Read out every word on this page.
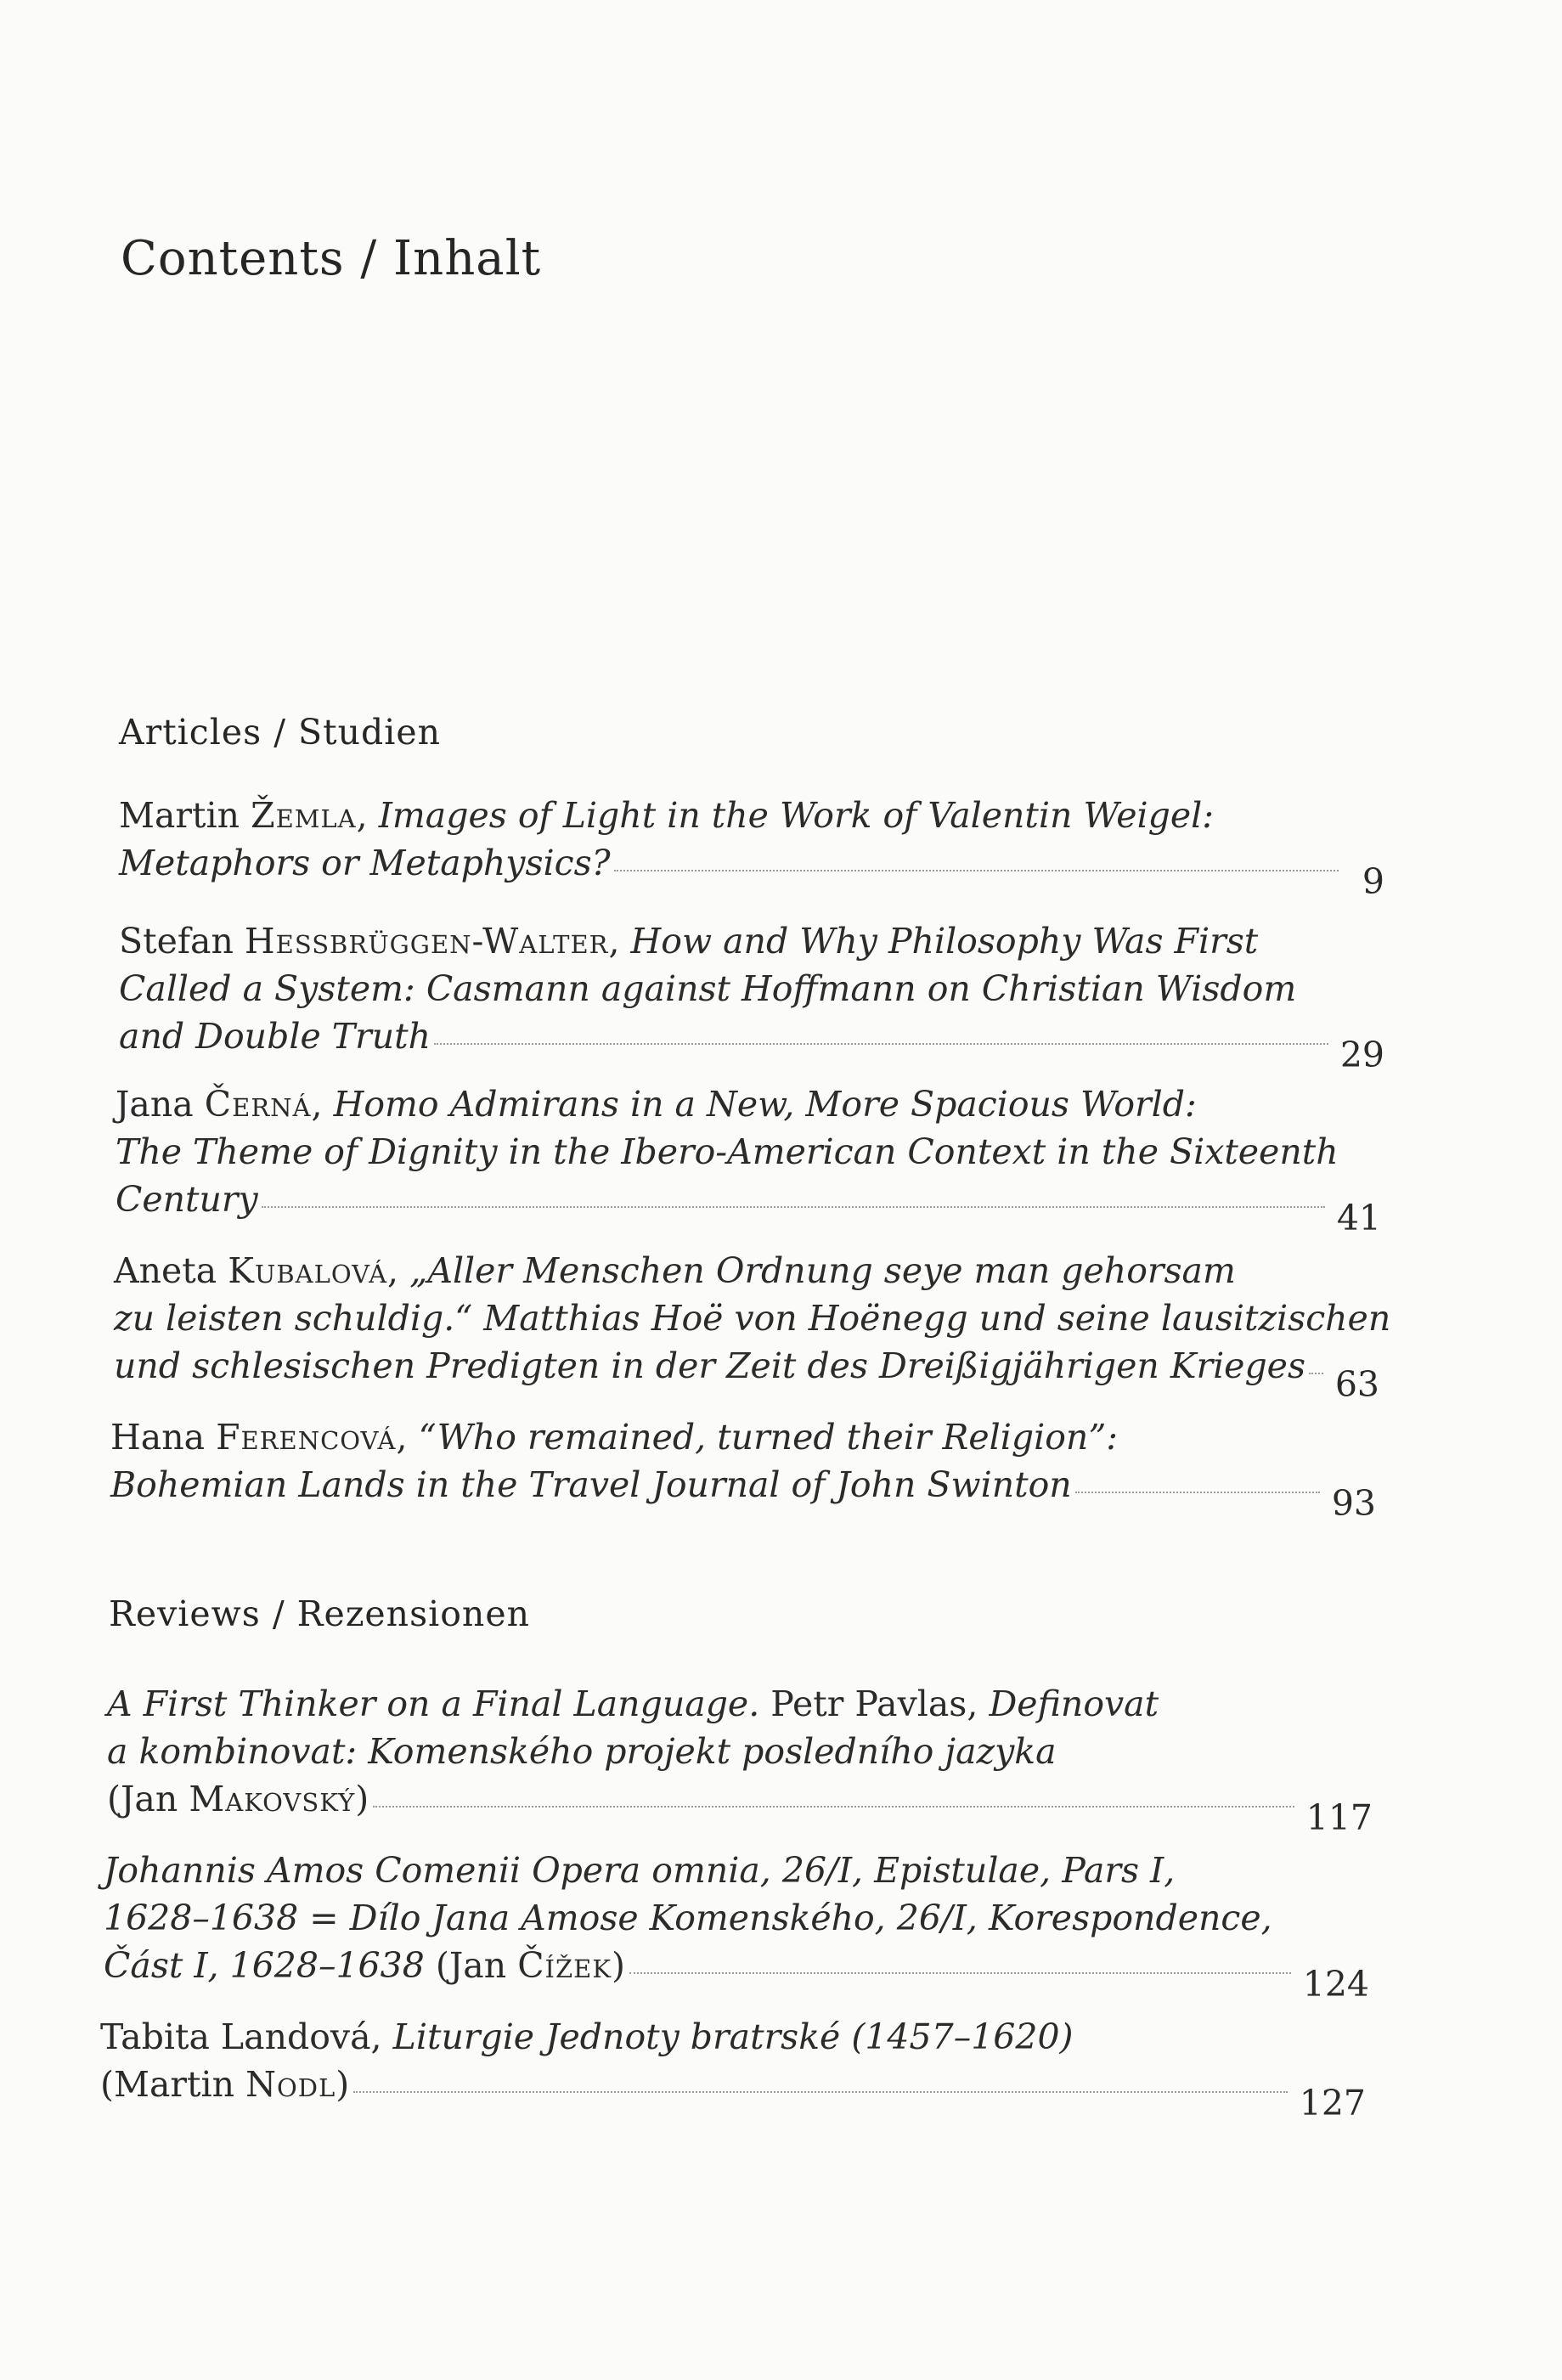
Contents / Inhalt
Articles / Studien
Martin Žemla, Images of Light in the Work of Valentin Weigel:
Metaphors or Metaphysics?	9
Stefan Hessbrüggen-Walter, How and Why Philosophy Was First
Called a System: Casmann against Hoffmann on Christian Wisdom
and Double Truth	29
Jana Černá, Homo Admirans in a New, More Spacious World:
The Theme of Dignity in the Ibero-American Context in the Sixteenth
Century	41
Aneta Kubalová, „Aller Menschen Ordnung seye man gehorsam
zu leisten schuldig.“ Matthias Hoë von Hoënegg und seine lausitzischen
und schlesischen Predigten in der Zeit des Dreißigjährigen Krieges 63
Hana Ferencová, “Who remained, turned their Religion”:
Bohemian Lands in the Travel Journal of John Swinton	93
Reviews / Rezensionen
A First Thinker on a Final Language. Petr Pavlas, Definovat
a kombinovat: Komenského projekt posledního jazyka
(Jan Makovský)	117
Johannis Amos Comenii Opera omnia, 26/I, Epistulae, Pars I,
1628–1638 = Dílo Jana Amose Komenského, 26/I, Korespondence,
Část I, 1628–1638 (Jan Čížek)	124
Tabita Landová, Liturgie Jednoty bratrské (1457–1620)
(Martin Nodl)	127
